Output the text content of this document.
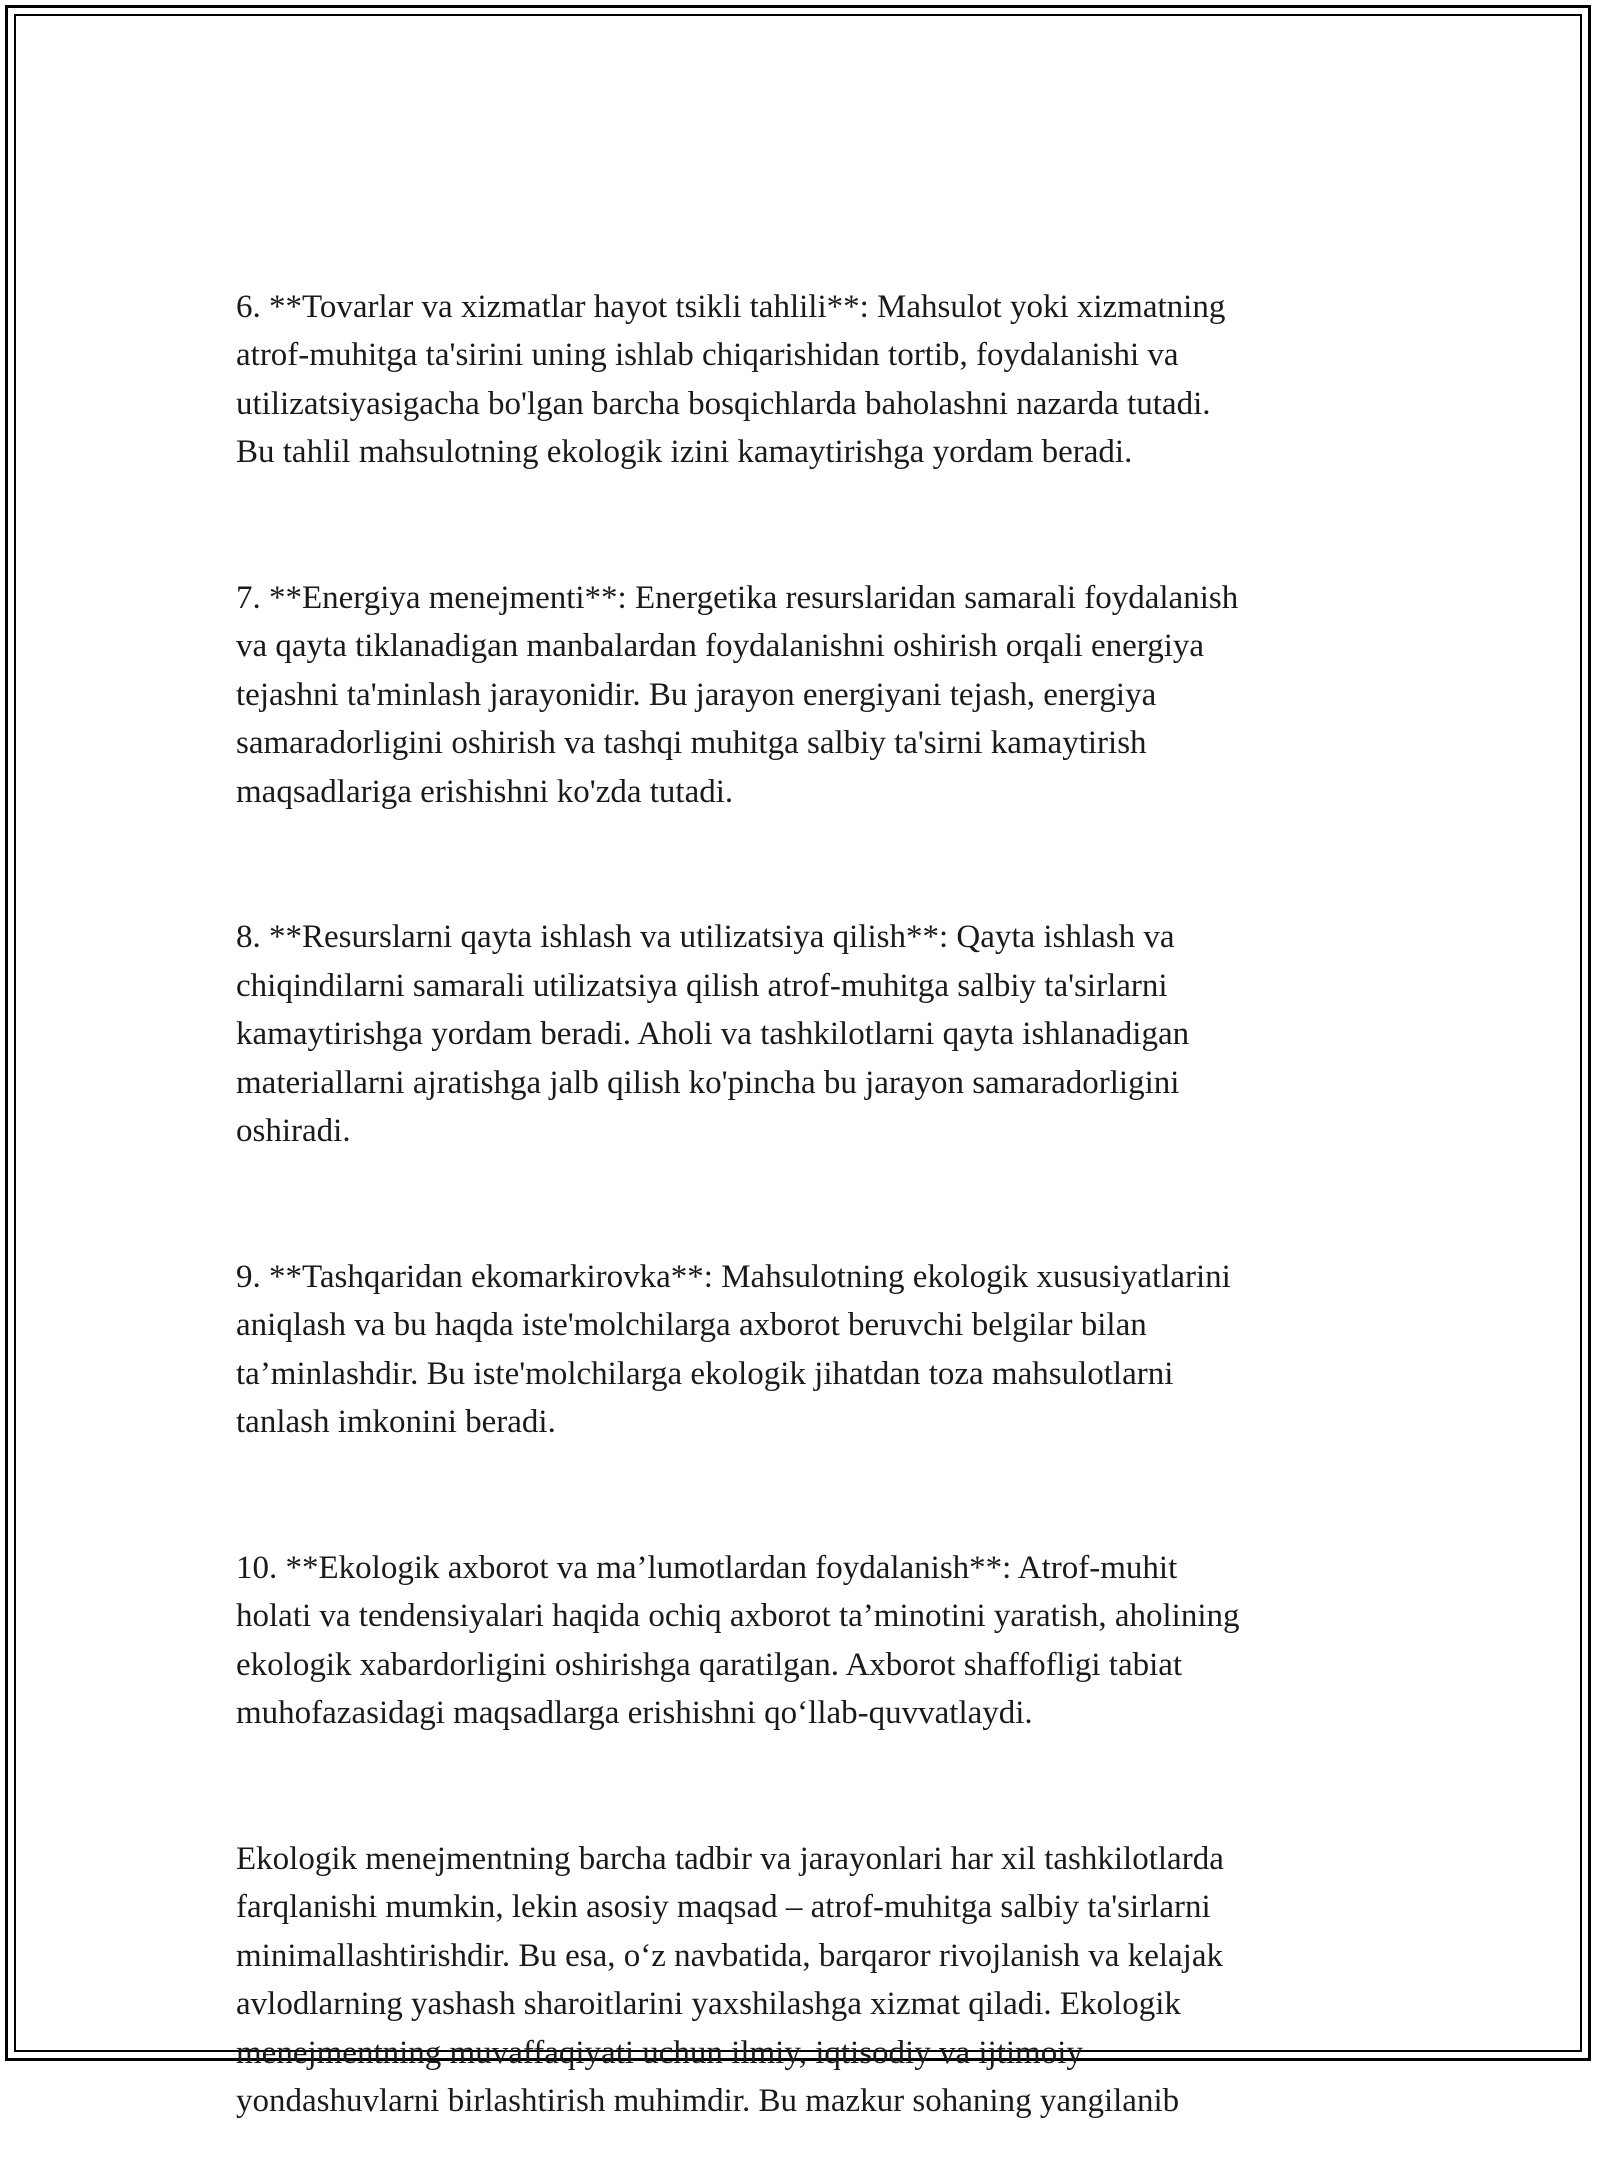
6. **Tovarlar va xizmatlar hayot tsikli tahlili**: Mahsulot yoki xizmatning
atrof-muhitga ta'sirini uning ishlab chiqarishidan tortib, foydalanishi va
utilizatsiyasigacha bo'lgan barcha bosqichlarda baholashni nazarda tutadi.
Bu tahlil mahsulotning ekologik izini kamaytirishga yordam beradi.

7. **Energiya menejmenti**: Energetika resurslaridan samarali foydalanish
va qayta tiklanadigan manbalardan foydalanishni oshirish orqali energiya
tejashni ta'minlash jarayonidir. Bu jarayon energiyani tejash, energiya
samaradorligini oshirish va tashqi muhitga salbiy ta'sirni kamaytirish
maqsadlariga erishishni ko'zda tutadi.

8. **Resurslarni qayta ishlash va utilizatsiya qilish**: Qayta ishlash va
chiqindilarni samarali utilizatsiya qilish atrof-muhitga salbiy ta'sirlarni
kamaytirishga yordam beradi. Aholi va tashkilotlarni qayta ishlanadigan
materiallarni ajratishga jalb qilish ko'pincha bu jarayon samaradorligini
oshiradi.

9. **Tashqaridan ekomarkirovka**: Mahsulotning ekologik xususiyatlarini
aniqlash va bu haqda iste'molchilarga axborot beruvchi belgilar bilan
ta’minlashdir. Bu iste'molchilarga ekologik jihatdan toza mahsulotlarni
tanlash imkonini beradi.

10. **Ekologik axborot va ma’lumotlardan foydalanish**: Atrof-muhit
holati va tendensiyalari haqida ochiq axborot ta’minotini yaratish, aholining
ekologik xabardorligini oshirishga qaratilgan. Axborot shaffofligi tabiat
muhofazasidagi maqsadlarga erishishni qo‘llab-quvvatlaydi.

Ekologik menejmentning barcha tadbir va jarayonlari har xil tashkilotlarda
farqlanishi mumkin, lekin asosiy maqsad – atrof-muhitga salbiy ta'sirlarni
minimallashtirishdir. Bu esa, o‘z navbatida, barqaror rivojlanish va kelajak
avlodlarning yashash sharoitlarini yaxshilashga xizmat qiladi. Ekologik
menejmentning muvaffaqiyati uchun ilmiy, iqtisodiy va ijtimoiy
yondashuvlarni birlashtirish muhimdir. Bu mazkur sohaning yangilanib
